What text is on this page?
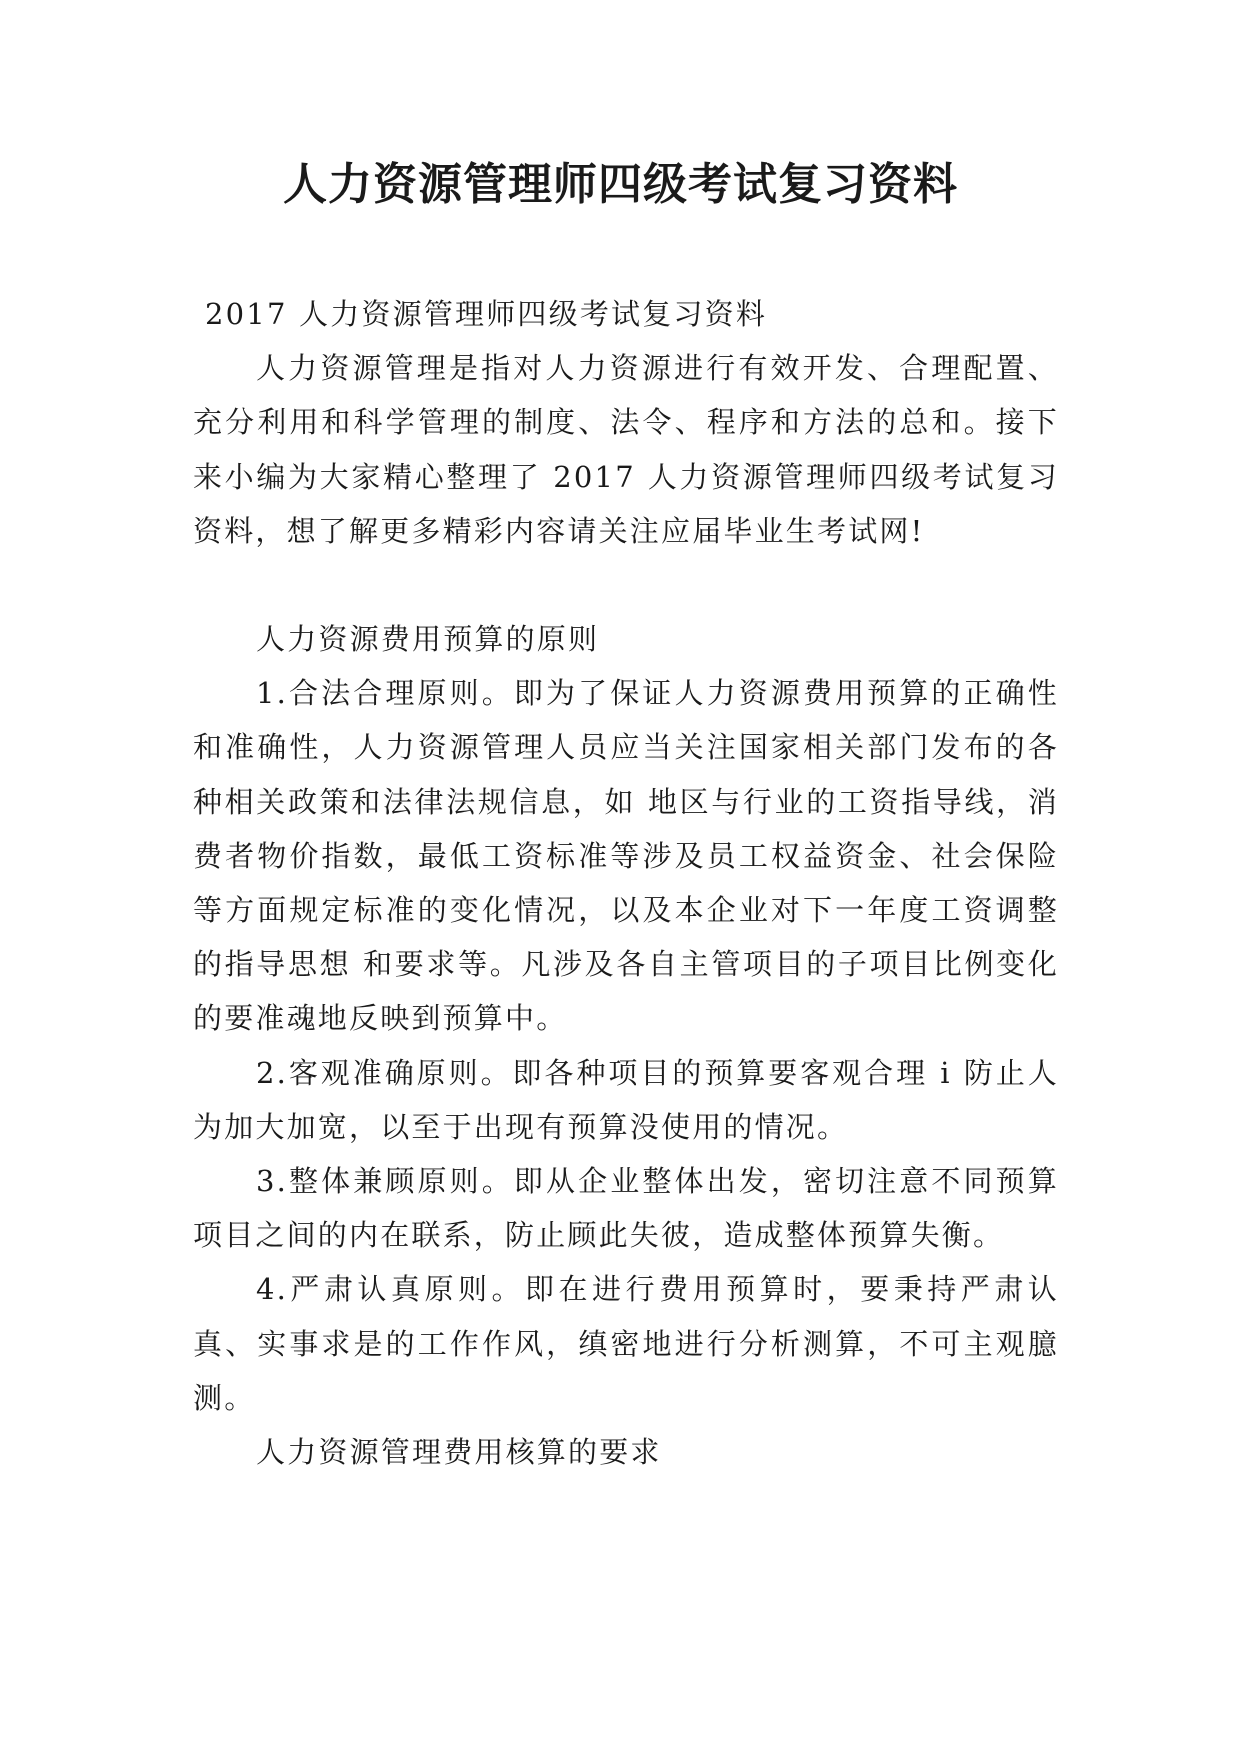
人力资源管理师四级考试复习资料

2017 人力资源管理师四级考试复习资料

人力资源管理是指对人力资源进行有效开发、合理配置、充分利用和科学管理的制度、法令、程序和方法的总和。接下来小编为大家精心整理了 2017 人力资源管理师四级考试复习资料，想了解更多精彩内容请关注应届毕业生考试网!

人力资源费用预算的原则

1.合法合理原则。即为了保证人力资源费用预算的正确性和准确性，人力资源管理人员应当关注国家相关部门发布的各种相关政策和法律法规信息，如 地区与行业的工资指导线，消费者物价指数，最低工资标准等涉及员工权益资金、社会保险等方面规定标准的变化情况，以及本企业对下一年度工资调整的指导思想 和要求等。凡涉及各自主管项目的子项目比例变化的要准魂地反映到预算中。

2.客观准确原则。即各种项目的预算要客观合理 i 防止人为加大加宽，以至于出现有预算没使用的情况。

3.整体兼顾原则。即从企业整体出发，密切注意不同预算项目之间的内在联系，防止顾此失彼，造成整体预算失衡。

4.严肃认真原则。即在进行费用预算时，要秉持严肃认真、实事求是的工作作风，缜密地进行分析测算，不可主观臆测。

人力资源管理费用核算的要求
